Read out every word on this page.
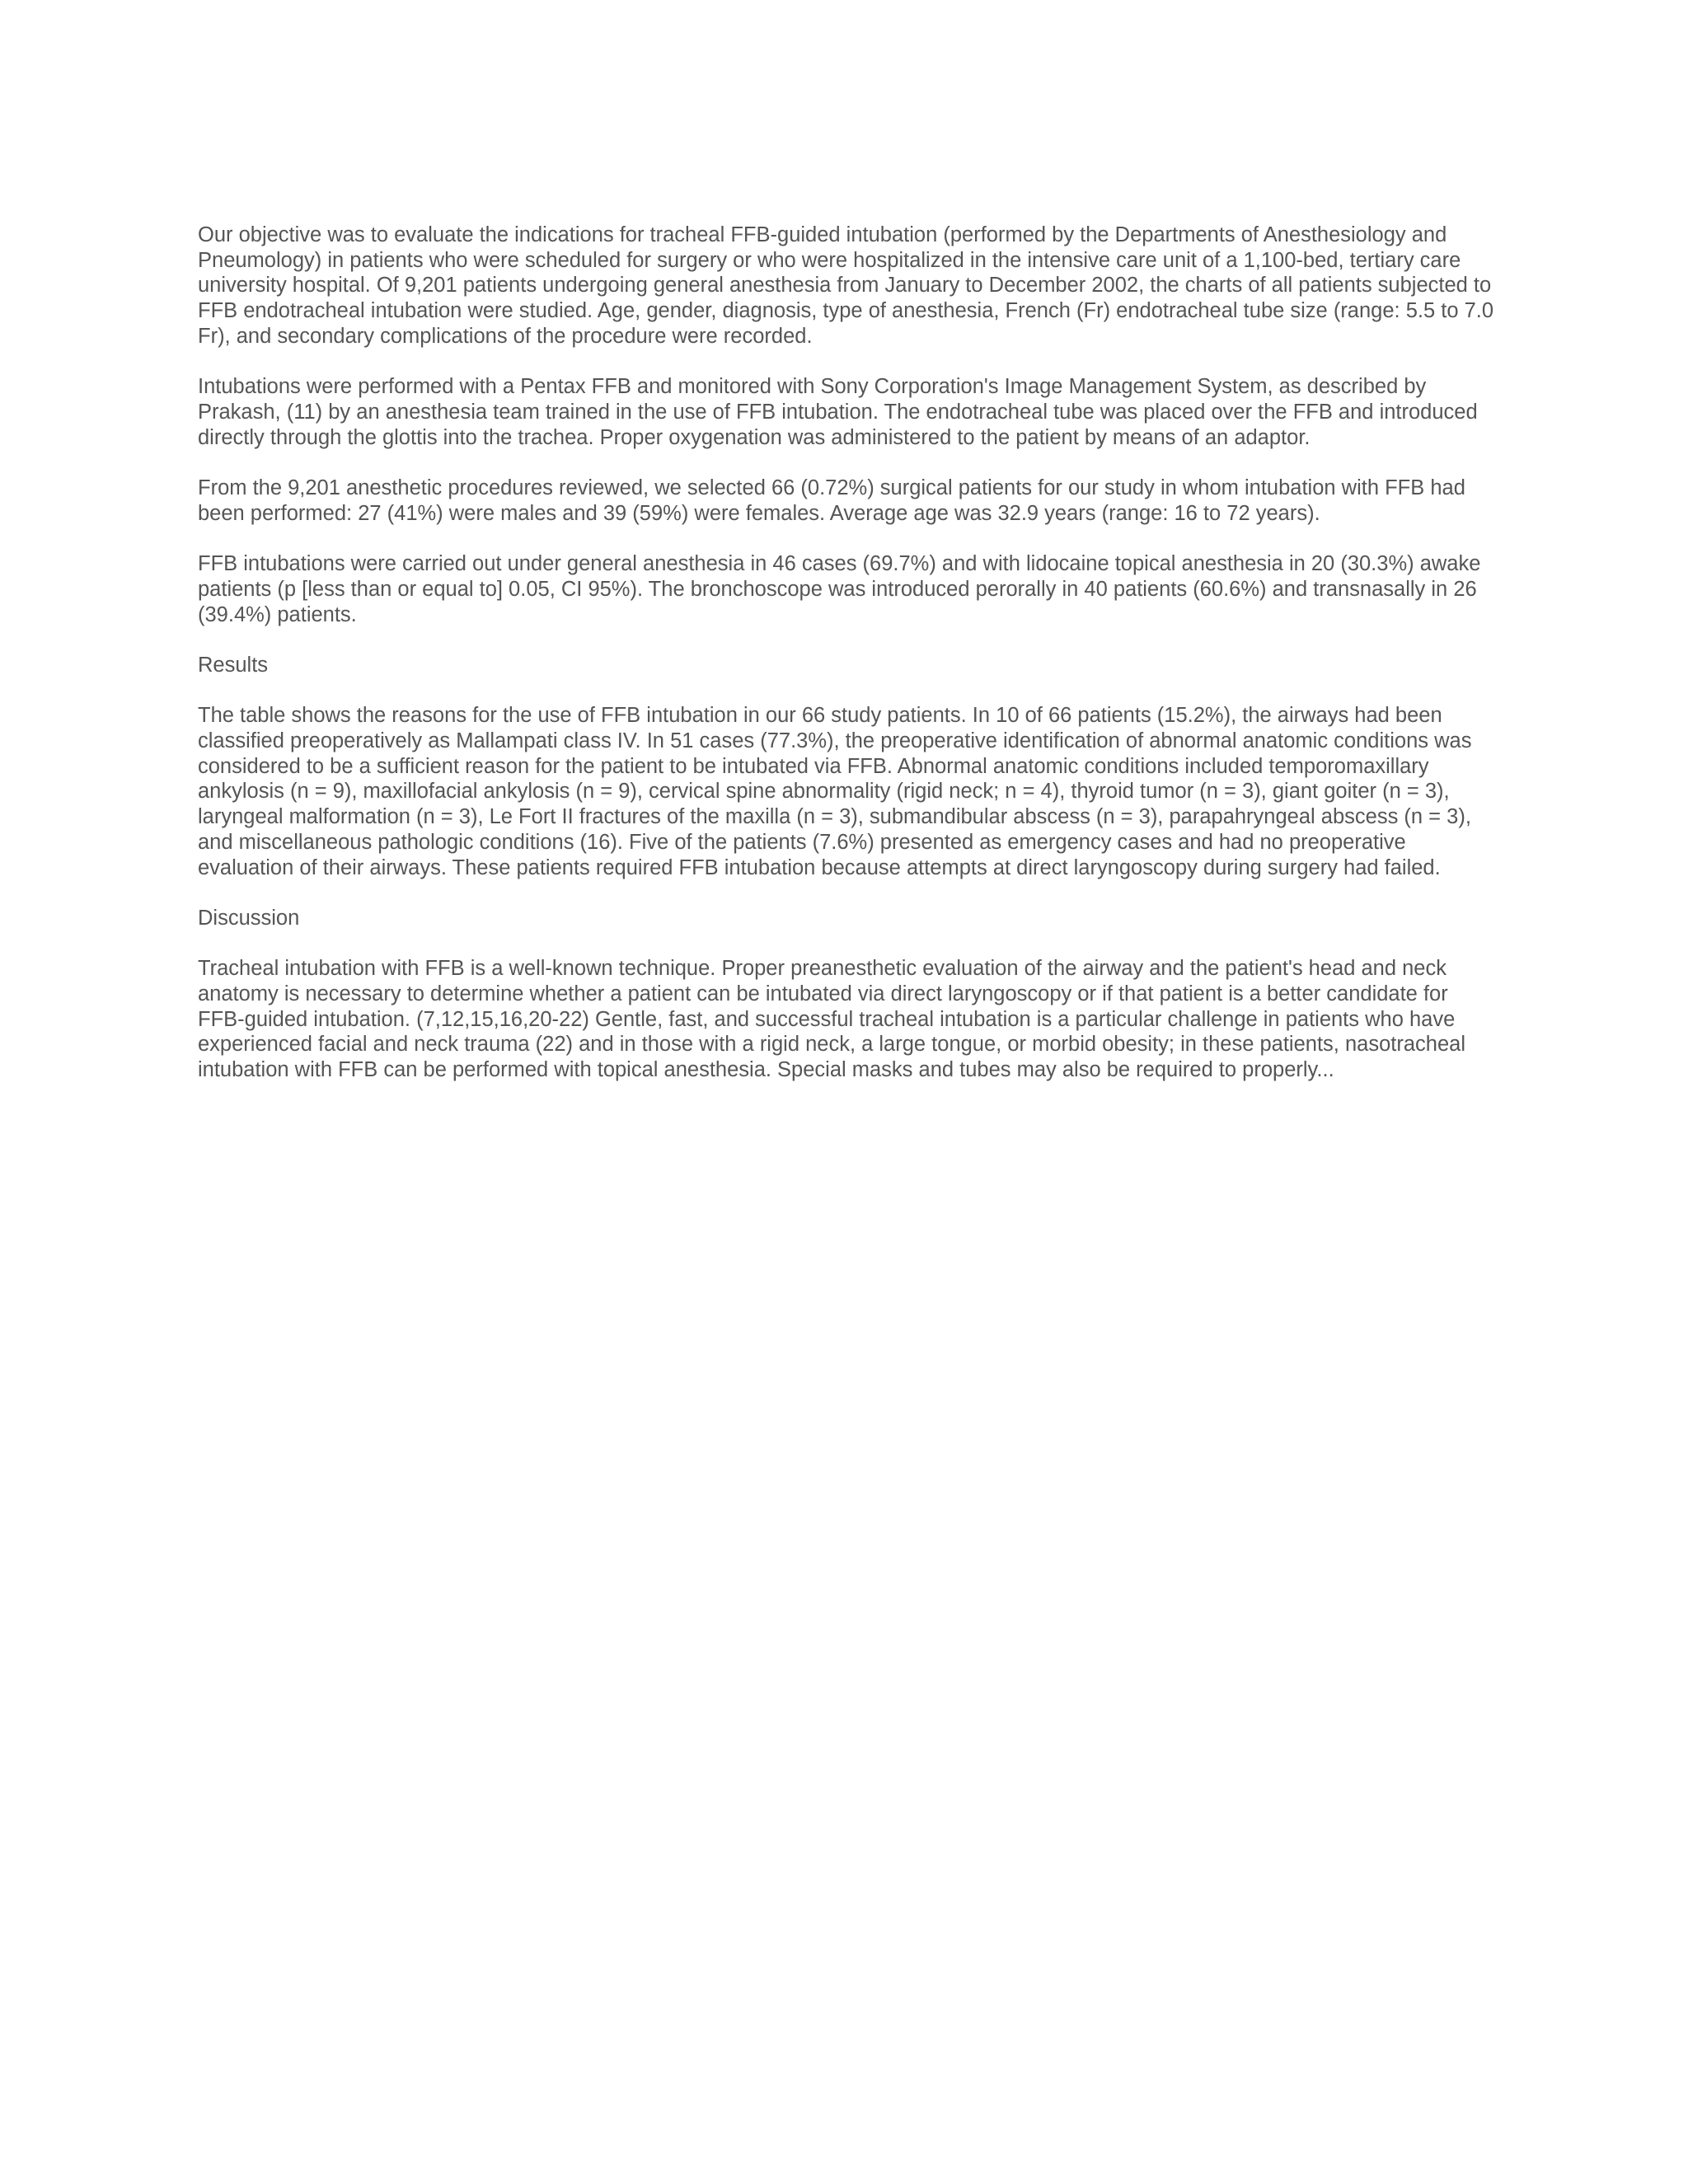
Our objective was to evaluate the indications for tracheal FFB-guided intubation (performed by the Departments of Anesthesiology and Pneumology) in patients who were scheduled for surgery or who were hospitalized in the intensive care unit of a 1,100-bed, tertiary care university hospital. Of 9,201 patients undergoing general anesthesia from January to December 2002, the charts of all patients subjected to FFB endotracheal intubation were studied. Age, gender, diagnosis, type of anesthesia, French (Fr) endotracheal tube size (range: 5.5 to 7.0 Fr), and secondary complications of the procedure were recorded.

Intubations were performed with a Pentax FFB and monitored with Sony Corporation's Image Management System, as described by Prakash, (11) by an anesthesia team trained in the use of FFB intubation. The endotracheal tube was placed over the FFB and introduced directly through the glottis into the trachea. Proper oxygenation was administered to the patient by means of an adaptor.

From the 9,201 anesthetic procedures reviewed, we selected 66 (0.72%) surgical patients for our study in whom intubation with FFB had been performed: 27 (41%) were males and 39 (59%) were females. Average age was 32.9 years (range: 16 to 72 years).

FFB intubations were carried out under general anesthesia in 46 cases (69.7%) and with lidocaine topical anesthesia in 20 (30.3%) awake patients (p [less than or equal to] 0.05, CI 95%). The bronchoscope was introduced perorally in 40 patients (60.6%) and transnasally in 26 (39.4%) patients.

Results

The table shows the reasons for the use of FFB intubation in our 66 study patients. In 10 of 66 patients (15.2%), the airways had been classified preoperatively as Mallampati class IV. In 51 cases (77.3%), the preoperative identification of abnormal anatomic conditions was considered to be a sufficient reason for the patient to be intubated via FFB. Abnormal anatomic conditions included temporomaxillary ankylosis (n = 9), maxillofacial ankylosis (n = 9), cervical spine abnormality (rigid neck; n = 4), thyroid tumor (n = 3), giant goiter (n = 3), laryngeal malformation (n = 3), Le Fort II fractures of the maxilla (n = 3), submandibular abscess (n = 3), parapahryngeal abscess (n = 3), and miscellaneous pathologic conditions (16). Five of the patients (7.6%) presented as emergency cases and had no preoperative evaluation of their airways. These patients required FFB intubation because attempts at direct laryngoscopy during surgery had failed.

Discussion

Tracheal intubation with FFB is a well-known technique. Proper preanesthetic evaluation of the airway and the patient's head and neck anatomy is necessary to determine whether a patient can be intubated via direct laryngoscopy or if that patient is a better candidate for FFB-guided intubation. (7,12,15,16,20-22) Gentle, fast, and successful tracheal intubation is a particular challenge in patients who have experienced facial and neck trauma (22) and in those with a rigid neck, a large tongue, or morbid obesity; in these patients, nasotracheal intubation with FFB can be performed with topical anesthesia. Special masks and tubes may also be required to properly...
